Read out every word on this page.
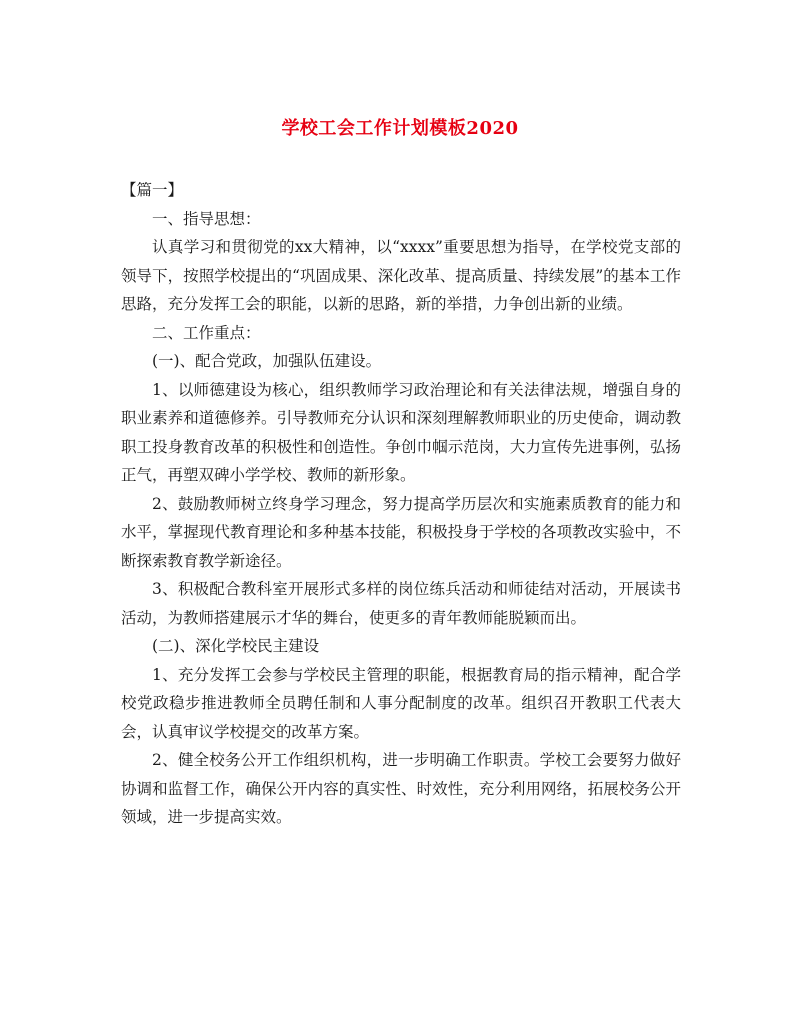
学校工会工作计划模板2020

【篇一】

一、指导思想：

认真学习和贯彻党的xx大精神，以“xxxx”重要思想为指导，在学校党支部的领导下，按照学校提出的“巩固成果、深化改革、提高质量、持续发展”的基本工作思路，充分发挥工会的职能，以新的思路，新的举措，力争创出新的业绩。

二、工作重点：

(一)、配合党政，加强队伍建设。

1、以师德建设为核心，组织教师学习政治理论和有关法律法规，增强自身的职业素养和道德修养。引导教师充分认识和深刻理解教师职业的历史使命，调动教职工投身教育改革的积极性和创造性。争创巾帼示范岗，大力宣传先进事例，弘扬正气，再塑双碑小学学校、教师的新形象。

2、鼓励教师树立终身学习理念，努力提高学历层次和实施素质教育的能力和水平，掌握现代教育理论和多种基本技能，积极投身于学校的各项教改实验中，不断探索教育教学新途径。

3、积极配合教科室开展形式多样的岗位练兵活动和师徒结对活动，开展读书活动，为教师搭建展示才华的舞台，使更多的青年教师能脱颖而出。

(二)、深化学校民主建设

1、充分发挥工会参与学校民主管理的职能，根据教育局的指示精神，配合学校党政稳步推进教师全员聘任制和人事分配制度的改革。组织召开教职工代表大会，认真审议学校提交的改革方案。

2、健全校务公开工作组织机构，进一步明确工作职责。学校工会要努力做好协调和监督工作，确保公开内容的真实性、时效性，充分利用网络，拓展校务公开领域，进一步提高实效。
